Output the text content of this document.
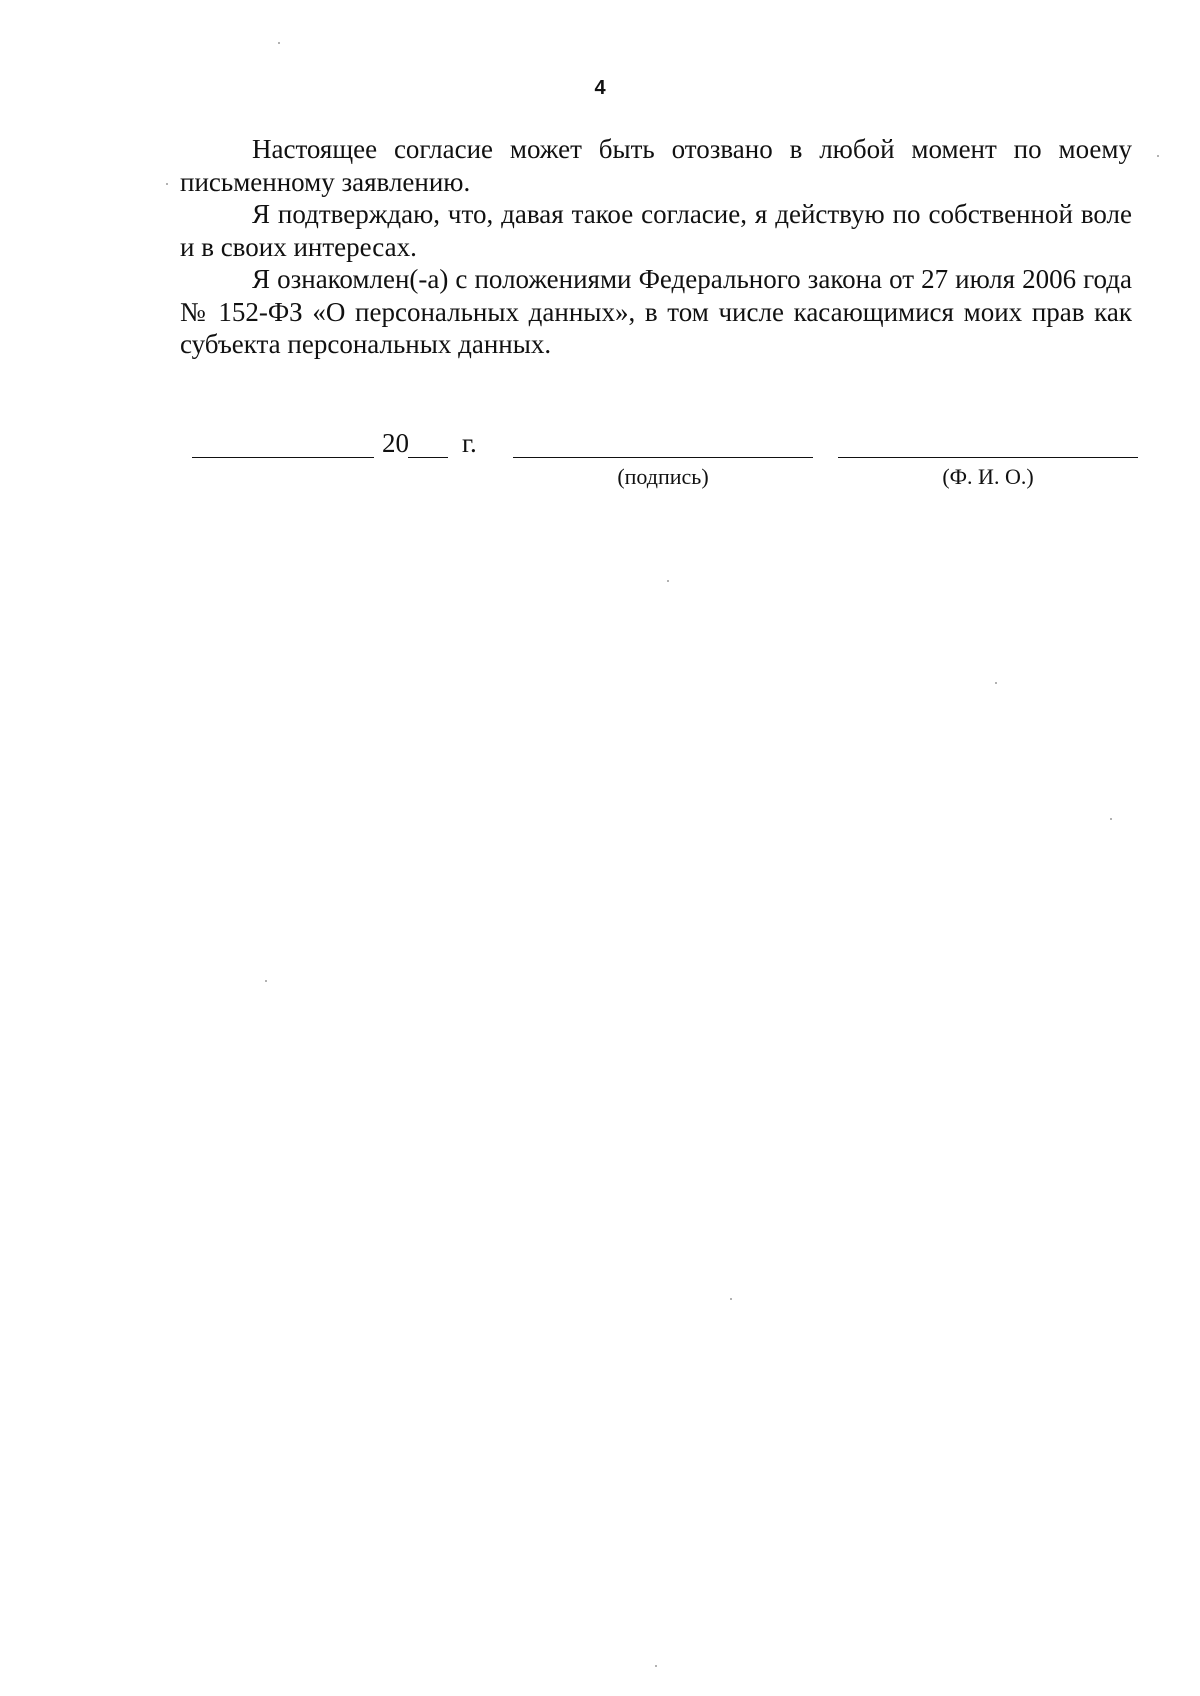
4

Настоящее согласие может быть отозвано в любой момент по моему письменному заявлению.

Я подтверждаю, что, давая такое согласие, я действую по собственной воле и в своих интересах.

Я ознакомлен(-а) с положениями Федерального закона от 27 июля 2006 года № 152-ФЗ «О персональных данных», в том числе касающимися моих прав как субъекта персональных данных.

20 г.
(подпись)	(Ф. И. О.)
